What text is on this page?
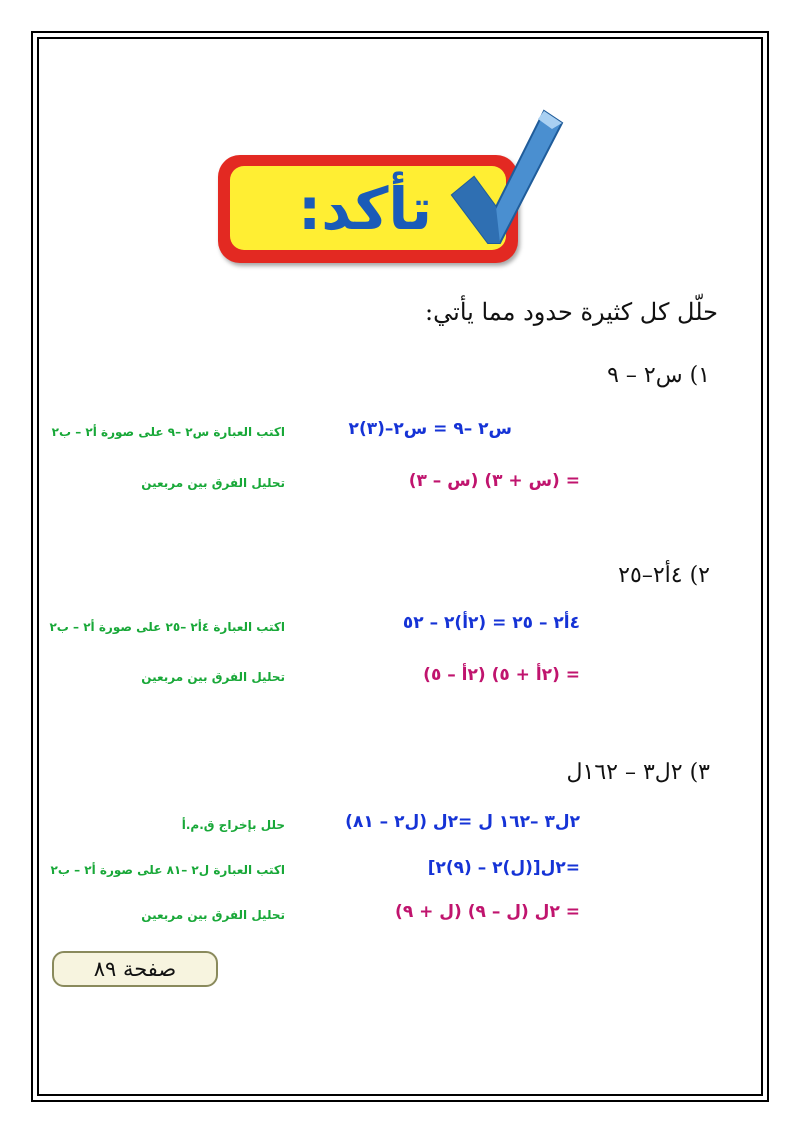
تأكد:
حلّل كل كثيرة حدود مما يأتي:
١) س٢ – ٩
س٢ –٩ = س٢–(٣)٢
اكتب العبارة س٢ –٩ على صورة أ٢ – ب٢
= (س + ٣) (س – ٣)
تحليل الفرق بين مربعين
٢) ٤أ٢–٢٥
٤أ٢ – ٢٥ = (٢أ)٢ – ٥٢
اكتب العبارة ٤أ٢ –٢٥ على صورة أ٢ – ب٢
= (٢أ + ٥) (٢أ – ٥)
تحليل الفرق بين مربعين
٣) ٢ل٣ – ١٦٢ل
٢ل٣ –١٦٢ ل =٢ل (ل٢ – ٨١)
حلل بإخراج ق.م.أ
=٢ل[(ل)٢ – (٩)٢]
اكتب العبارة ل٢ –٨١ على صورة أ٢ – ب٢
= ٢ل (ل – ٩) (ل + ٩)
تحليل الفرق بين مربعين
صفحة ٨٩
